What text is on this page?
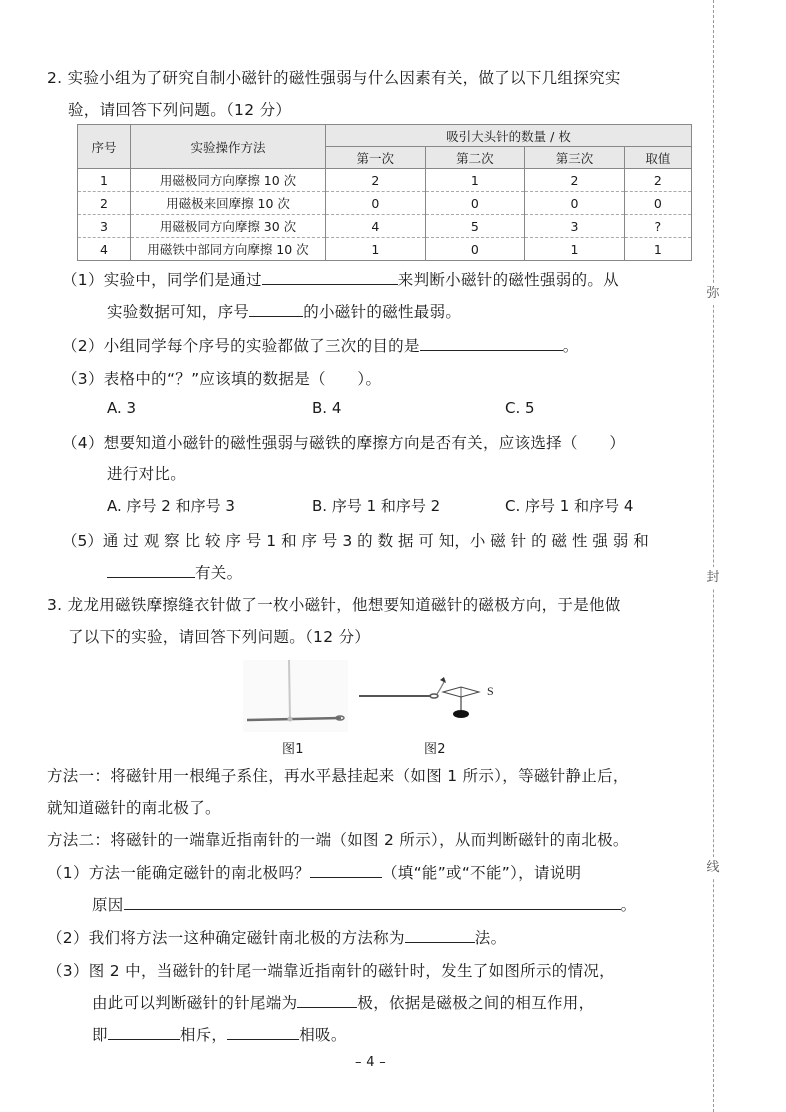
弥
封
线
2. 实验小组为了研究自制小磁针的磁性强弱与什么因素有关，做了以下几组探究实
验，请回答下列问题。（12 分）
序号	实验操作方法	吸引大头针的数量 / 枚			
		第一次	第二次	第三次	取值
1	用磁极同方向摩擦 10 次	2	1	2	2
2	用磁极来回摩擦 10 次	0	0	0	0
3	用磁极同方向摩擦 30 次	4	5	3	?
4	用磁铁中部同方向摩擦 10 次	1	0	1	1
（1）实验中，同学们是通过	来判断小磁针的磁性强弱的。从
实验数据可知，序号	的小磁针的磁性最弱。
（2）小组同学每个序号的实验都做了三次的目的是	。
（3）表格中的“？”应该填的数据是（　　）。
A. 3	B. 4	C. 5
（4）想要知道小磁针的磁性强弱与磁铁的摩擦方向是否有关，应该选择（　　）
进行对比。
A. 序号 2 和序号 3	B. 序号 1 和序号 2	C. 序号 1 和序号 4
（5）通 过 观 察 比 较 序 号 1 和 序 号 3 的 数 据 可 知，小 磁 针 的 磁 性 强 弱 和
有关。
3. 龙龙用磁铁摩擦缝衣针做了一枚小磁针，他想要知道磁针的磁极方向，于是他做
了以下的实验，请回答下列问题。（12 分）
S
图1	图2
方法一：将磁针用一根绳子系住，再水平悬挂起来（如图 1 所示），等磁针静止后，
就知道磁针的南北极了。
方法二：将磁针的一端靠近指南针的一端（如图 2 所示），从而判断磁针的南北极。
（1）方法一能确定磁针的南北极吗？	（填“能”或“不能”），请说明
原因	。
（2）我们将方法一这种确定磁针南北极的方法称为	法。
（3）图 2 中，当磁针的针尾一端靠近指南针的磁针时，发生了如图所示的情况，
由此可以判断磁针的针尾端为	极，依据是磁极之间的相互作用，
即	相斥，	相吸。
– 4 –
